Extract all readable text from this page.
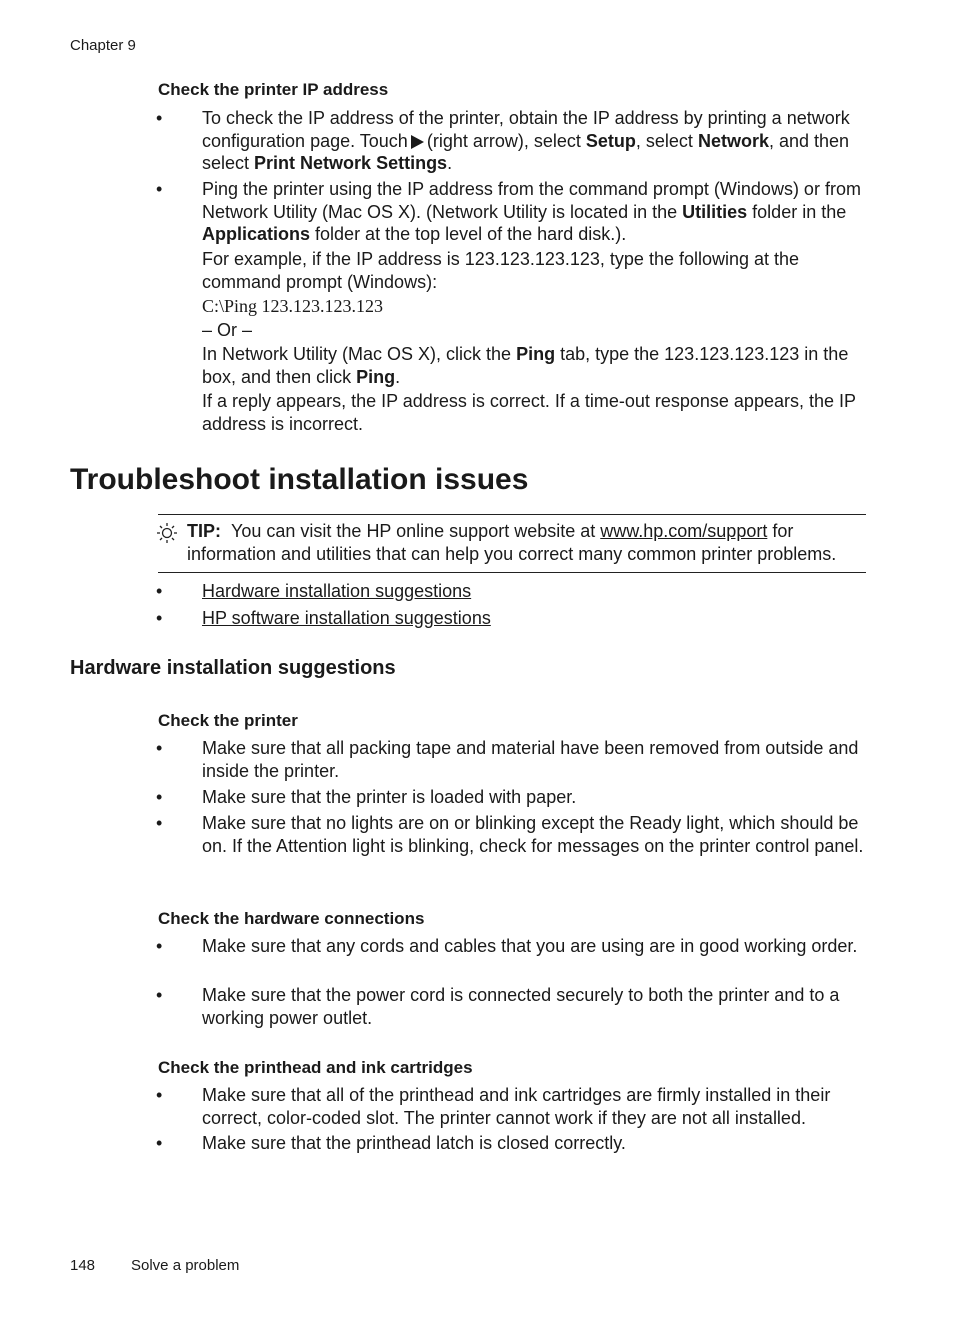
Chapter 9
Check the printer IP address
• To check the IP address of the printer, obtain the IP address by printing a network configuration page. Touch (right arrow), select Setup, select Network, and then select Print Network Settings.
• Ping the printer using the IP address from the command prompt (Windows) or from Network Utility (Mac OS X). (Network Utility is located in the Utilities folder in the Applications folder at the top level of the hard disk.).
For example, if the IP address is 123.123.123.123, type the following at the command prompt (Windows):
C:\Ping 123.123.123.123
– Or –
In Network Utility (Mac OS X), click the Ping tab, type the 123.123.123.123 in the box, and then click Ping.
If a reply appears, the IP address is correct. If a time-out response appears, the IP address is incorrect.
Troubleshoot installation issues
TIP: You can visit the HP online support website at www.hp.com/support for information and utilities that can help you correct many common printer problems.
• Hardware installation suggestions
• HP software installation suggestions
Hardware installation suggestions
Check the printer
• Make sure that all packing tape and material have been removed from outside and inside the printer.
• Make sure that the printer is loaded with paper.
• Make sure that no lights are on or blinking except the Ready light, which should be on. If the Attention light is blinking, check for messages on the printer control panel.
Check the hardware connections
• Make sure that any cords and cables that you are using are in good working order.
• Make sure that the power cord is connected securely to both the printer and to a working power outlet.
Check the printhead and ink cartridges
• Make sure that all of the printhead and ink cartridges are firmly installed in their correct, color-coded slot. The printer cannot work if they are not all installed.
• Make sure that the printhead latch is closed correctly.
148 Solve a problem
